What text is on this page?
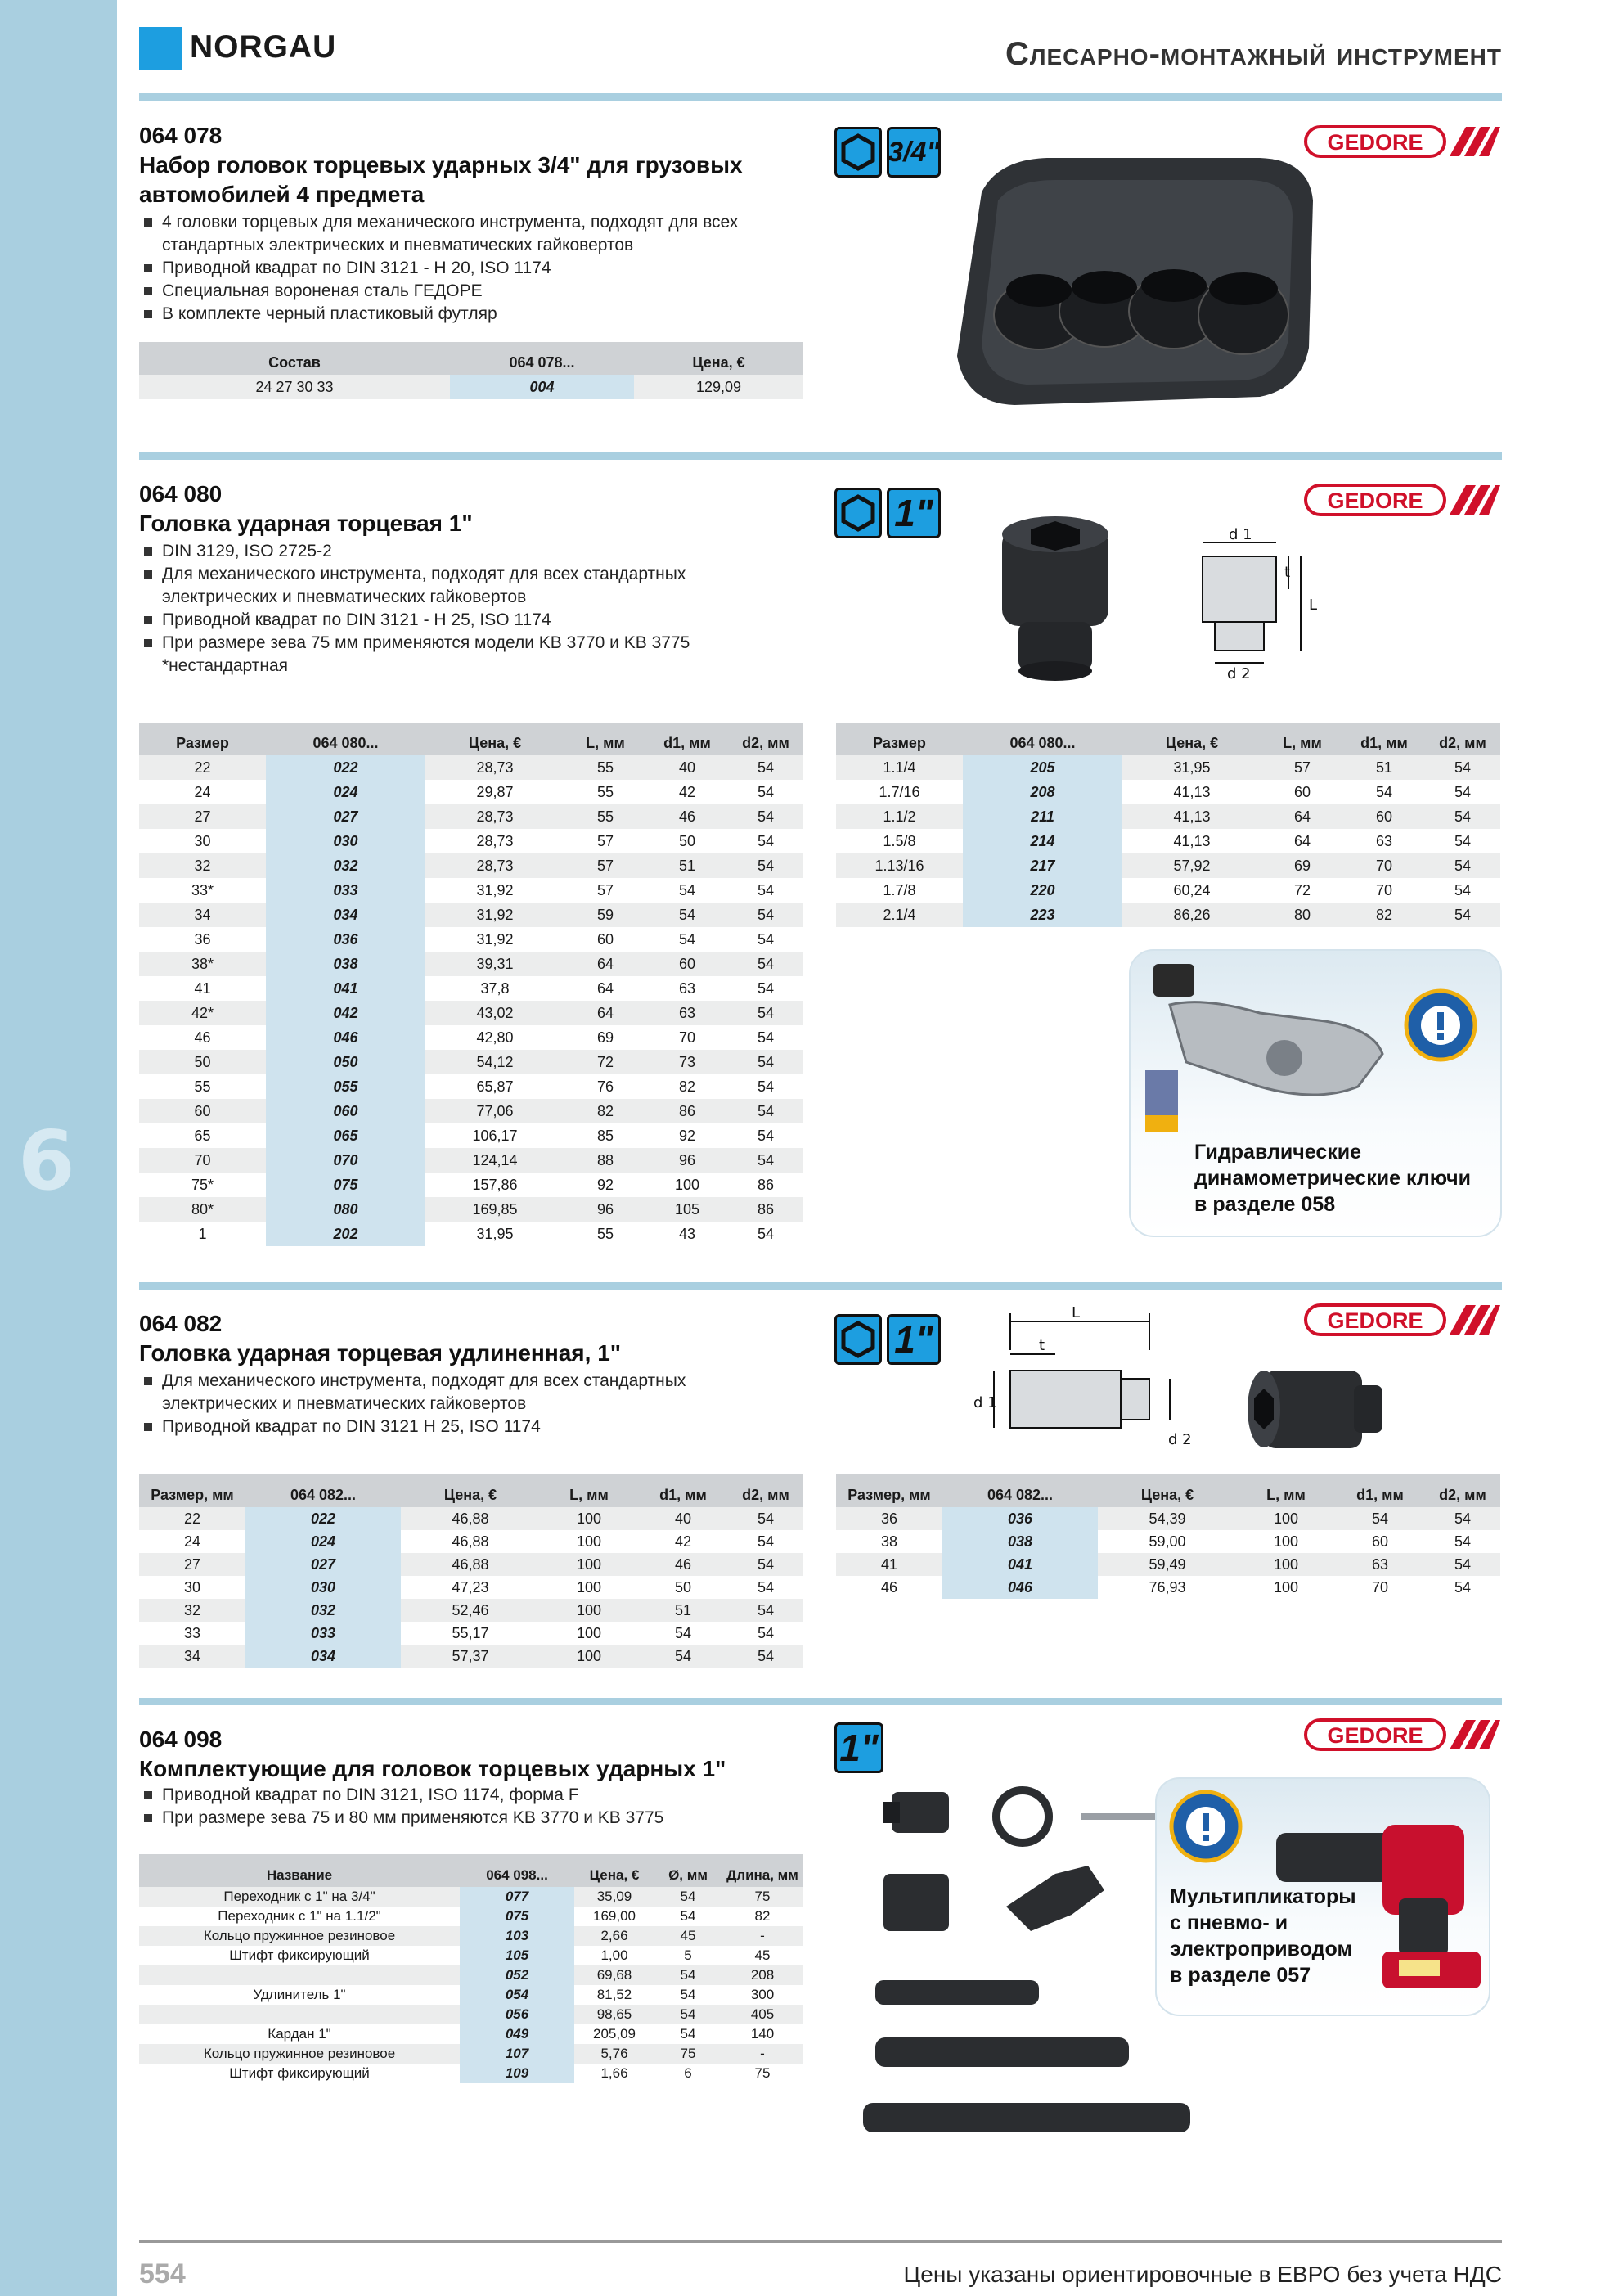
6
NORGAU	Слесарно-монтажный инструмент
064 078
Набор головок торцевых ударных 3/4" для грузовых
автомобилей 4 предмета
4 головки торцевых для механического инструмента, подходят для всех
стандартных электрических и пневматических гайковертов
Приводной квадрат по DIN 3121 - H 20, ISO 1174
Специальная вороненая сталь ГЕДОРЕ
В комплекте черный пластиковый футляр
Состав	064 078...	Цена, €
24 27 30 33	004	129,09
3/4"	GEDORE
064 080
Головка ударная торцевая 1"
DIN 3129, ISO 2725-2
Для механического инструмента, подходят для всех стандартных
электрических и пневматических гайковертов
Приводной квадрат по DIN 3121 - H 25, ISO 1174
При размере зева 75 мм применяются модели KB 3770 и KB 3775
*нестандартная
1"
d 1
d 2
L
t
GEDORE
Размер	064 080...	Цена, €	L, мм	d1, мм	d2, мм
22	022	28,73	55	40	54
24	024	29,87	55	42	54
27	027	28,73	55	46	54
30	030	28,73	57	50	54
32	032	28,73	57	51	54
33*	033	31,92	57	54	54
34	034	31,92	59	54	54
36	036	31,92	60	54	54
38*	038	39,31	64	60	54
41	041	37,8	64	63	54
42*	042	43,02	64	63	54
46	046	42,80	69	70	54
50	050	54,12	72	73	54
55	055	65,87	76	82	54
60	060	77,06	82	86	54
65	065	106,17	85	92	54
70	070	124,14	88	96	54
75*	075	157,86	92	100	86
80*	080	169,85	96	105	86
1	202	31,95	55	43	54
Размер	064 080...	Цена, €	L, мм	d1, мм	d2, мм
1.1/4	205	31,95	57	51	54
1.7/16	208	41,13	60	54	54
1.1/2	211	41,13	64	60	54
1.5/8	214	41,13	64	63	54
1.13/16	217	57,92	69	70	54
1.7/8	220	60,24	72	70	54
2.1/4	223	86,26	80	82	54
Гидравлические
динамометрические ключи
в разделе 058
064 082
Головка ударная торцевая удлиненная, 1"
Для механического инструмента, подходят для всех стандартных
электрических и пневматических гайковертов
Приводной квадрат по DIN 3121 H 25, ISO 1174
1"
L
t
d 1
d 2
GEDORE
Размер, мм	064 082...	Цена, €	L, мм	d1, мм	d2, мм
22	022	46,88	100	40	54
24	024	46,88	100	42	54
27	027	46,88	100	46	54
30	030	47,23	100	50	54
32	032	52,46	100	51	54
33	033	55,17	100	54	54
34	034	57,37	100	54	54
Размер, мм	064 082...	Цена, €	L, мм	d1, мм	d2, мм
36	036	54,39	100	54	54
38	038	59,00	100	60	54
41	041	59,49	100	63	54
46	046	76,93	100	70	54
064 098
Комплектующие для головок торцевых ударных 1"
Приводной квадрат по DIN 3121, ISO 1174, форма F
При размере зева 75 и 80 мм применяются KB 3770 и KB 3775
1"	GEDORE
Название	064 098...	Цена, €	Ø, мм	Длина, мм
Переходник с 1" на 3/4"	077	35,09	54	75
Переходник с 1" на 1.1/2"	075	169,00	54	82
Кольцо пружинное резиновое	103	2,66	45	-
Штифт фиксирующий	105	1,00	5	45
	052	69,68	54	208
Удлинитель 1"	054	81,52	54	300
	056	98,65	54	405
Кардан 1"	049	205,09	54	140
Кольцо пружинное резиновое	107	5,76	75	-
Штифт фиксирующий	109	1,66	6	75
Мультипликаторы
с пневмо- и
электроприводом
в разделе 057
554	Цены указаны ориентировочные в ЕВРО без учета НДС
